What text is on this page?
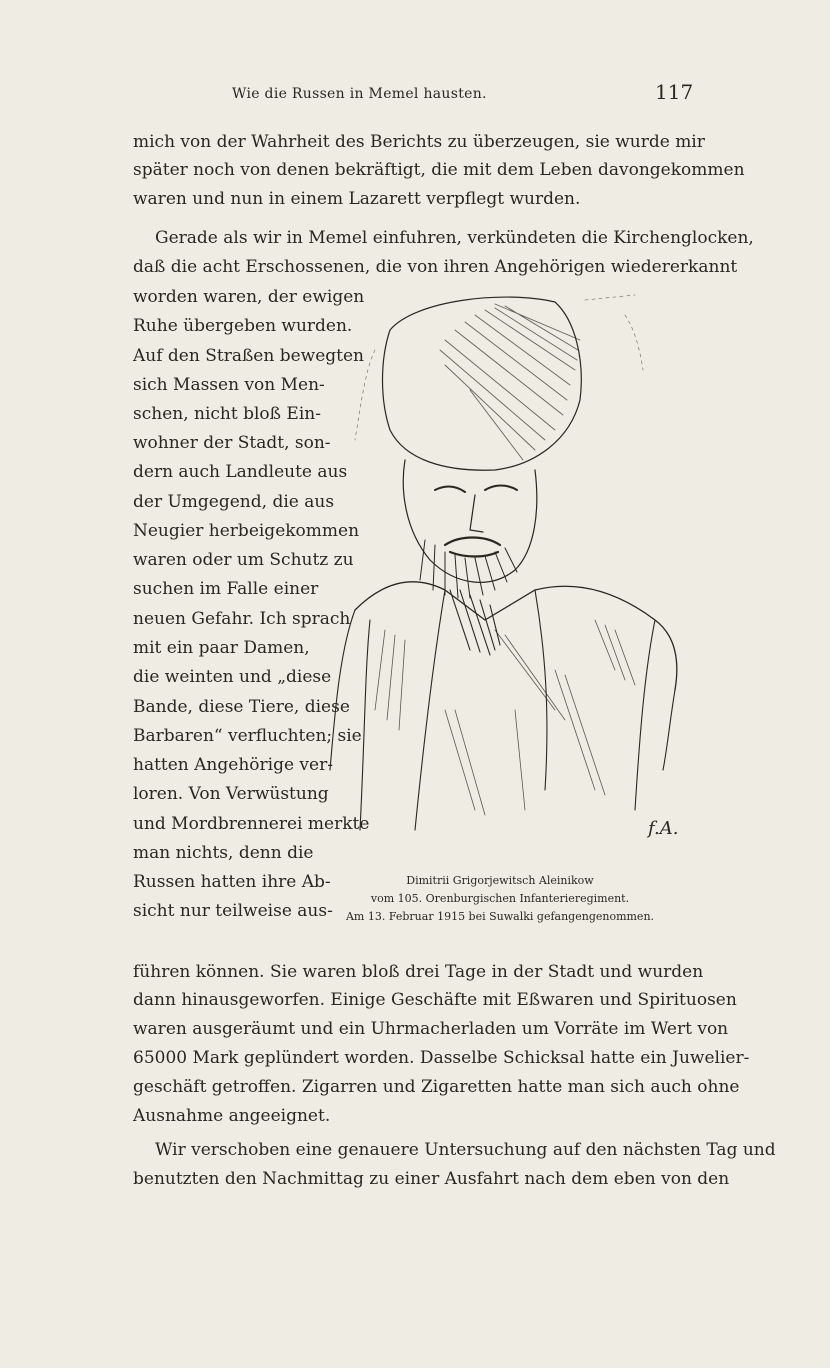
Wie die Russen in Memel hausten.	117
mich von der Wahrheit des Berichts zu überzeugen, sie wurde mir
später noch von denen bekräftigt, die mit dem Leben davongekommen
waren und nun in einem Lazarett verpflegt wurden.
Gerade als wir in Memel einfuhren, verkündeten die Kirchenglocken,
daß die acht Erschossenen, die von ihren Angehörigen wiedererkannt
worden waren, der ewigen
Ruhe übergeben wurden.
Auf den Straßen bewegten
sich Massen von Men-
schen, nicht bloß Ein-
wohner der Stadt, son-
dern auch Landleute aus
der Umgegend, die aus
Neugier herbeigekommen
waren oder um Schutz zu
suchen im Falle einer
neuen Gefahr. Ich sprach
mit ein paar Damen,
die weinten und „diese
Bande, diese Tiere, diese
Barbaren“ verfluchten; sie
hatten Angehörige ver-
loren. Von Verwüstung
und Mordbrennerei merkte
man nichts, denn die
Russen hatten ihre Ab-
sicht nur teilweise aus-
f.A.
Dimitrii Grigorjewitsch Aleinikow
vom 105. Orenburgischen Infanterieregiment.
Am 13. Februar 1915 bei Suwalki gefangengenommen.
führen können. Sie waren bloß drei Tage in der Stadt und wurden
dann hinausgeworfen. Einige Geschäfte mit Eßwaren und Spirituosen
waren ausgeräumt und ein Uhrmacherladen um Vorräte im Wert von
65000 Mark geplündert worden. Dasselbe Schicksal hatte ein Juwelier-
geschäft getroffen. Zigarren und Zigaretten hatte man sich auch ohne
Ausnahme angeeignet.
Wir verschoben eine genauere Untersuchung auf den nächsten Tag und
benutzten den Nachmittag zu einer Ausfahrt nach dem eben von den
